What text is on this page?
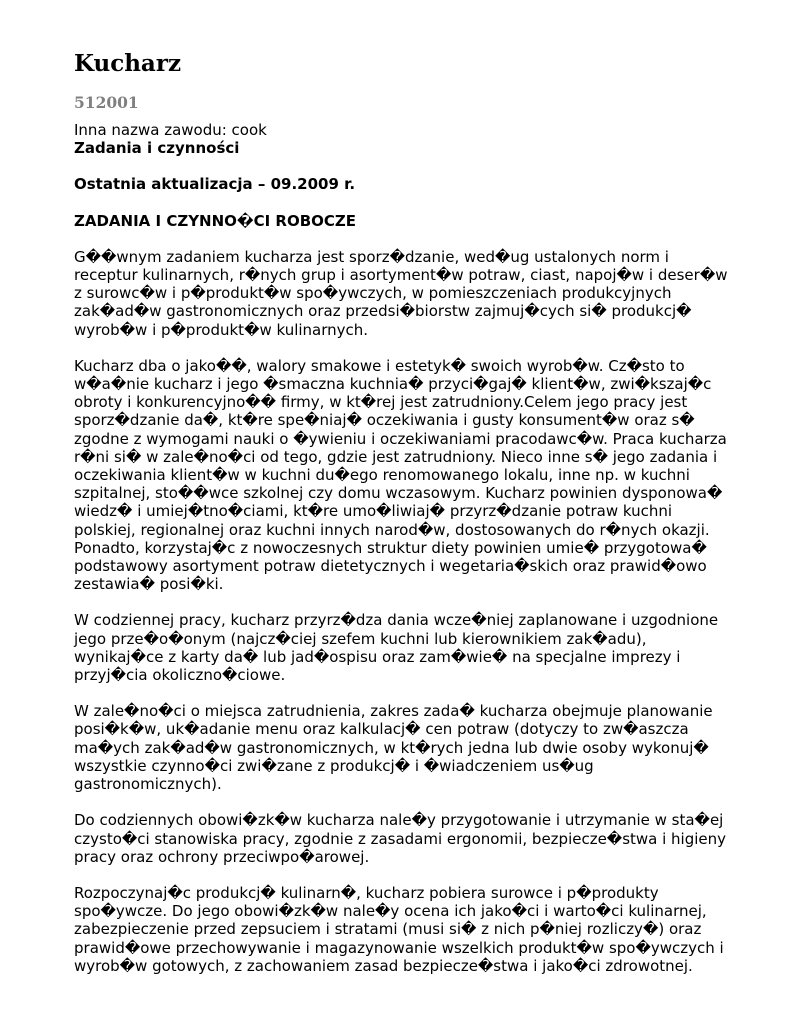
Kucharz
512001
Inna nazwa zawodu: cook
Zadania i czynności
Ostatnia aktualizacja – 09.2009 r.
ZADANIA I CZYNNO�CI ROBOCZE

G��wnym zadaniem kucharza jest sporz�dzanie, wed�ug ustalonych norm i
receptur kulinarnych, r�nych grup i asortyment�w potraw, ciast, napoj�w i deser�w
z surowc�w i p�produkt�w spo�ywczych, w pomieszczeniach produkcyjnych
zak�ad�w gastronomicznych oraz przedsi�biorstw zajmuj�cych si� produkcj�
wyrob�w i p�produkt�w kulinarnych.

Kucharz dba o jako��, walory smakowe i estetyk� swoich wyrob�w. Cz�sto to
w�a�nie kucharz i jego �smaczna kuchnia� przyci�gaj� klient�w, zwi�kszaj�c
obroty i konkurencyjno�� firmy, w kt�rej jest zatrudniony.Celem jego pracy jest
sporz�dzanie da�, kt�re spe�niaj� oczekiwania i gusty konsument�w oraz s�
zgodne z wymogami nauki o �ywieniu i oczekiwaniami pracodawc�w. Praca kucharza
r�ni si� w zale�no�ci od tego, gdzie jest zatrudniony. Nieco inne s� jego zadania i
oczekiwania klient�w w kuchni du�ego renomowanego lokalu, inne np. w kuchni
szpitalnej, sto��wce szkolnej czy domu wczasowym. Kucharz powinien dysponowa�
wiedz� i umiej�tno�ciami, kt�re umo�liwiaj� przyrz�dzanie potraw kuchni
polskiej, regionalnej oraz kuchni innych narod�w, dostosowanych do r�nych okazji.
Ponadto, korzystaj�c z nowoczesnych struktur diety powinien umie� przygotowa�
podstawowy asortyment potraw dietetycznych i wegetaria�skich oraz prawid�owo
zestawia� posi�ki.

W codziennej pracy, kucharz przyrz�dza dania wcze�niej zaplanowane i uzgodnione
jego prze�o�onym (najcz�ciej szefem kuchni lub kierownikiem zak�adu),
wynikaj�ce z karty da� lub jad�ospisu oraz zam�wie� na specjalne imprezy i
przyj�cia okoliczno�ciowe.

W zale�no�ci o miejsca zatrudnienia, zakres zada� kucharza obejmuje planowanie
posi�k�w, uk�adanie menu oraz kalkulacj� cen potraw (dotyczy to zw�aszcza
ma�ych zak�ad�w gastronomicznych, w kt�rych jedna lub dwie osoby wykonuj�
wszystkie czynno�ci zwi�zane z produkcj� i �wiadczeniem us�ug
gastronomicznych).

Do codziennych obowi�zk�w kucharza nale�y przygotowanie i utrzymanie w sta�ej
czysto�ci stanowiska pracy, zgodnie z zasadami ergonomii, bezpiecze�stwa i higieny
pracy oraz ochrony przeciwpo�arowej.

Rozpoczynaj�c produkcj� kulinarn�, kucharz pobiera surowce i p�produkty
spo�ywcze. Do jego obowi�zk�w nale�y ocena ich jako�ci i warto�ci kulinarnej,
zabezpieczenie przed zepsuciem i stratami (musi si� z nich p�niej rozliczy�) oraz
prawid�owe przechowywanie i magazynowanie wszelkich produkt�w spo�ywczych i
wyrob�w gotowych, z zachowaniem zasad bezpiecze�stwa i jako�ci zdrowotnej.
